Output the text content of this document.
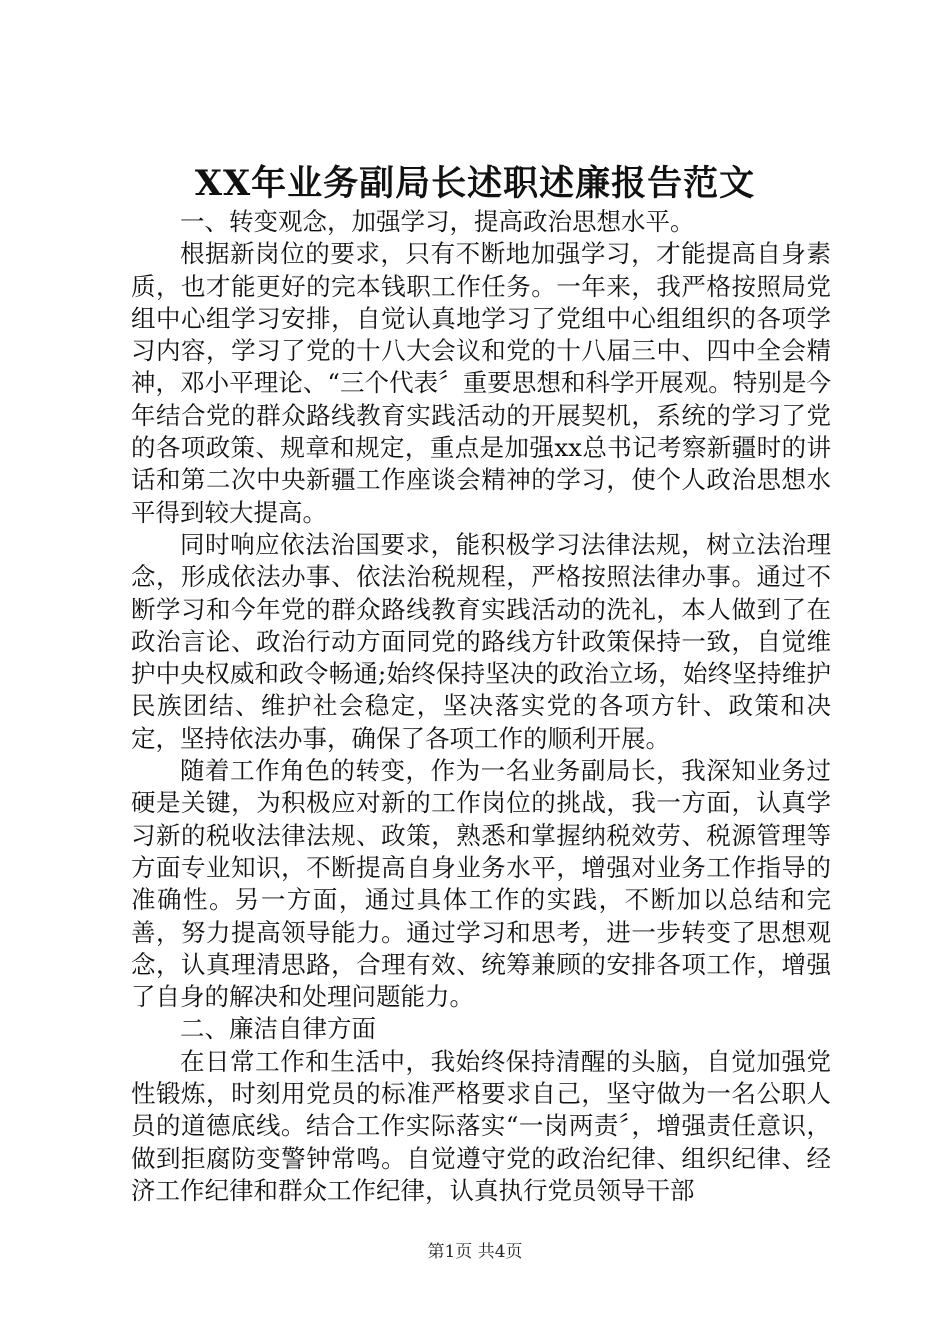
XX年业务副局长述职述廉报告范文

一、转变观念，加强学习，提高政治思想水平。

根据新岗位的要求，只有不断地加强学习，才能提高自身素质，也才能更好的完本钱职工作任务。一年来，我严格按照局党组中心组学习安排，自觉认真地学习了党组中心组组织的各项学习内容，学习了党的十八大会议和党的十八届三中、四中全会精神，邓小平理论、“三个代表〞重要思想和科学开展观。特别是今年结合党的群众路线教育实践活动的开展契机，系统的学习了党的各项政策、规章和规定，重点是加强xx总书记考察新疆时的讲话和第二次中央新疆工作座谈会精神的学习，使个人政治思想水平得到较大提高。

同时响应依法治国要求，能积极学习法律法规，树立法治理念，形成依法办事、依法治税规程，严格按照法律办事。通过不断学习和今年党的群众路线教育实践活动的洗礼，本人做到了在政治言论、政治行动方面同党的路线方针政策保持一致，自觉维护中央权威和政令畅通;始终保持坚决的政治立场，始终坚持维护民族团结、维护社会稳定，坚决落实党的各项方针、政策和决定，坚持依法办事，确保了各项工作的顺利开展。

随着工作角色的转变，作为一名业务副局长，我深知业务过硬是关键，为积极应对新的工作岗位的挑战，我一方面，认真学习新的税收法律法规、政策，熟悉和掌握纳税效劳、税源管理等方面专业知识，不断提高自身业务水平，增强对业务工作指导的准确性。另一方面，通过具体工作的实践，不断加以总结和完善，努力提高领导能力。通过学习和思考，进一步转变了思想观念，认真理清思路，合理有效、统筹兼顾的安排各项工作，增强了自身的解决和处理问题能力。

二、廉洁自律方面

在日常工作和生活中，我始终保持清醒的头脑，自觉加强党性锻炼，时刻用党员的标准严格要求自己，坚守做为一名公职人员的道德底线。结合工作实际落实“一岗两责〞，增强责任意识，做到拒腐防变警钟常鸣。自觉遵守党的政治纪律、组织纪律、经济工作纪律和群众工作纪律，认真执行党员领导干部

第1页 共4页
